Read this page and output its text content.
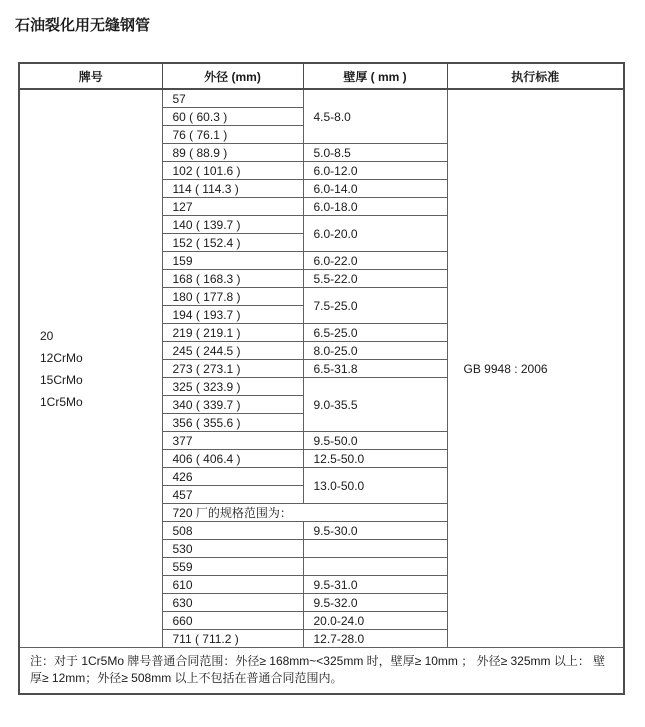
石油裂化用无缝钢管
牌号	外径 (mm)	壁厚 ( mm )	执行标准

20
12CrMo
15CrMo
1Cr5Mo	57	4.5-8.0	GB 9948 : 2006
	60 ( 60.3 )		
	76 ( 76.1 )		
	89 ( 88.9 )	5.0-8.5	
	102 ( 101.6 )	6.0-12.0	
	114 ( 114.3 )	6.0-14.0	
	127	6.0-18.0	
	140 ( 139.7 )	6.0-20.0	
	152 ( 152.4 )		
	159	6.0-22.0	
	168 ( 168.3 )	5.5-22.0	
	180 ( 177.8 )	7.5-25.0	
	194 ( 193.7 )		
	219 ( 219.1 )	6.5-25.0	
	245 ( 244.5 )	8.0-25.0	
	273 ( 273.1 )	6.5-31.8	
	325 ( 323.9 )	9.0-35.5	
	340 ( 339.7 )		
	356 ( 355.6 )		
	377	9.5-50.0	
	406 ( 406.4 )	12.5-50.0	
	426	13.0-50.0	
	457		
	720 厂的规格范围为：		
	508	9.5-30.0	
	530		
	559		
	610	9.5-31.0	
	630	9.5-32.0	
	660	20.0-24.0	
	711 ( 711.2 )	12.7-28.0	
注：对于 1Cr5Mo 牌号普通合同范围：外径≥ 168mm~<325mm 时，壁厚≥ 10mm ； 外径≥ 325mm 以上： 壁厚≥ 12mm；外径≥ 508mm 以上不包括在普通合同范围内。			
